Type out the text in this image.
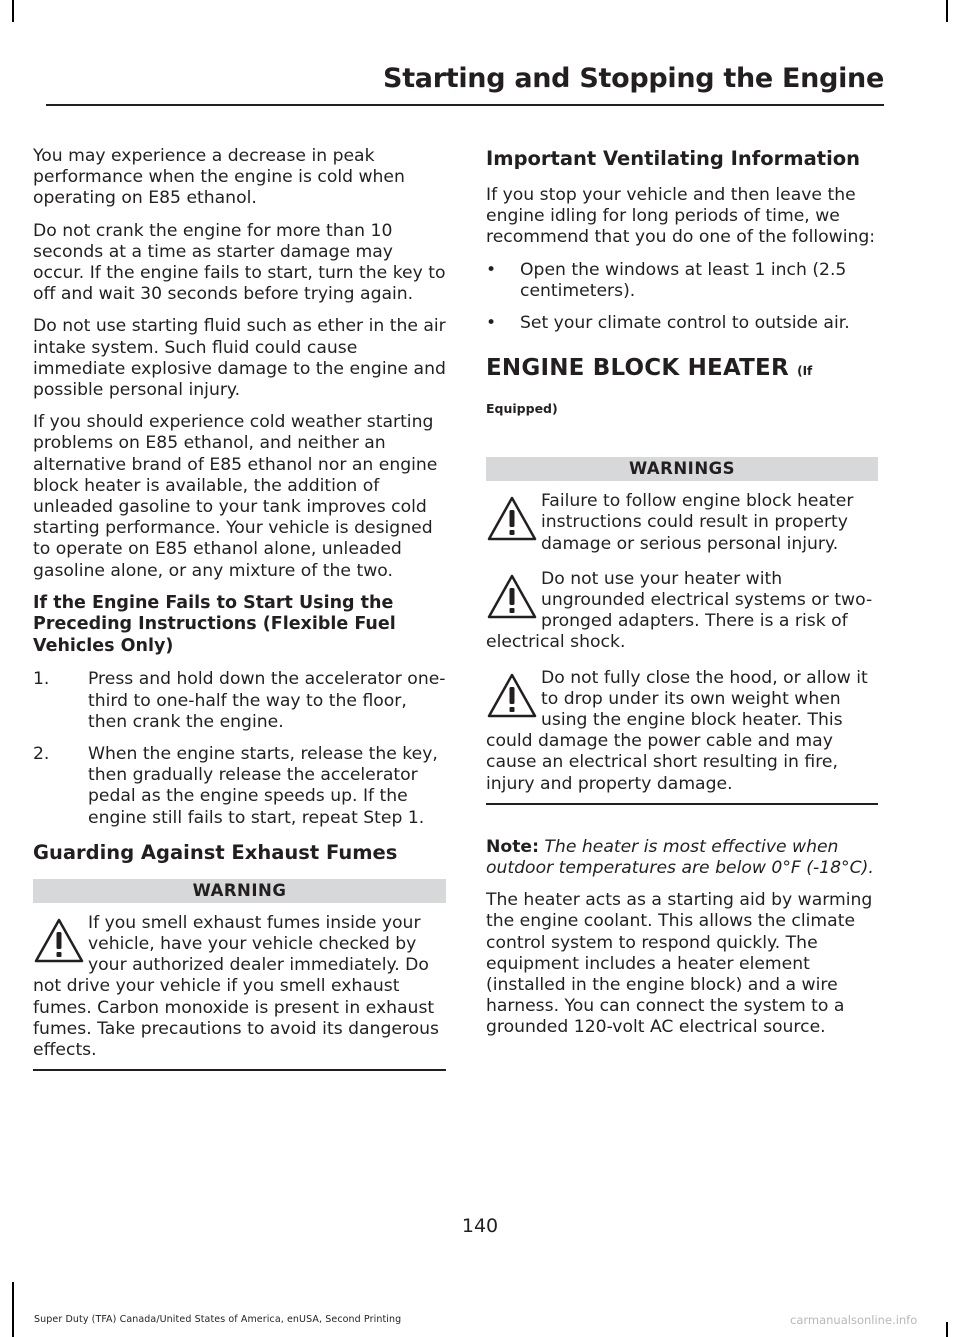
Starting and Stopping the Engine

You may experience a decrease in peak performance when the engine is cold when operating on E85 ethanol.

Do not crank the engine for more than 10 seconds at a time as starter damage may occur. If the engine fails to start, turn the key to off and wait 30 seconds before trying again.

Do not use starting fluid such as ether in the air intake system. Such fluid could cause immediate explosive damage to the engine and possible personal injury.

If you should experience cold weather starting problems on E85 ethanol, and neither an alternative brand of E85 ethanol nor an engine block heater is available, the addition of unleaded gasoline to your tank improves cold starting performance. Your vehicle is designed to operate on E85 ethanol alone, unleaded gasoline alone, or any mixture of the two.

If the Engine Fails to Start Using the Preceding Instructions (Flexible Fuel Vehicles Only)
1. Press and hold down the accelerator one-third to one-half the way to the floor, then crank the engine.
2. When the engine starts, release the key, then gradually release the accelerator pedal as the engine speeds up. If the engine still fails to start, repeat Step 1.
Guarding Against Exhaust Fumes
WARNING

If you smell exhaust fumes inside your vehicle, have your vehicle checked by your authorized dealer immediately. Do not drive your vehicle if you smell exhaust fumes. Carbon monoxide is present in exhaust fumes. Take precautions to avoid its dangerous effects.

Important Ventilating Information

If you stop your vehicle and then leave the engine idling for long periods of time, we recommend that you do one of the following:

• Open the windows at least 1 inch (2.5 centimeters).
• Set your climate control to outside air.
ENGINE BLOCK HEATER (If
Equipped)
WARNINGS

Failure to follow engine block heater instructions could result in property damage or serious personal injury.

Do not use your heater with ungrounded electrical systems or two-pronged adapters. There is a risk of electrical shock.

Do not fully close the hood, or allow it to drop under its own weight when using the engine block heater. This could damage the power cable and may cause an electrical short resulting in fire, injury and property damage.

Note: The heater is most effective when outdoor temperatures are below 0°F (-18°C).

The heater acts as a starting aid by warming the engine coolant. This allows the climate control system to respond quickly. The equipment includes a heater element (installed in the engine block) and a wire harness. You can connect the system to a grounded 120-volt AC electrical source.

140
Super Duty (TFA) Canada/United States of America, enUSA, Second Printing	carmanualsonline.info
